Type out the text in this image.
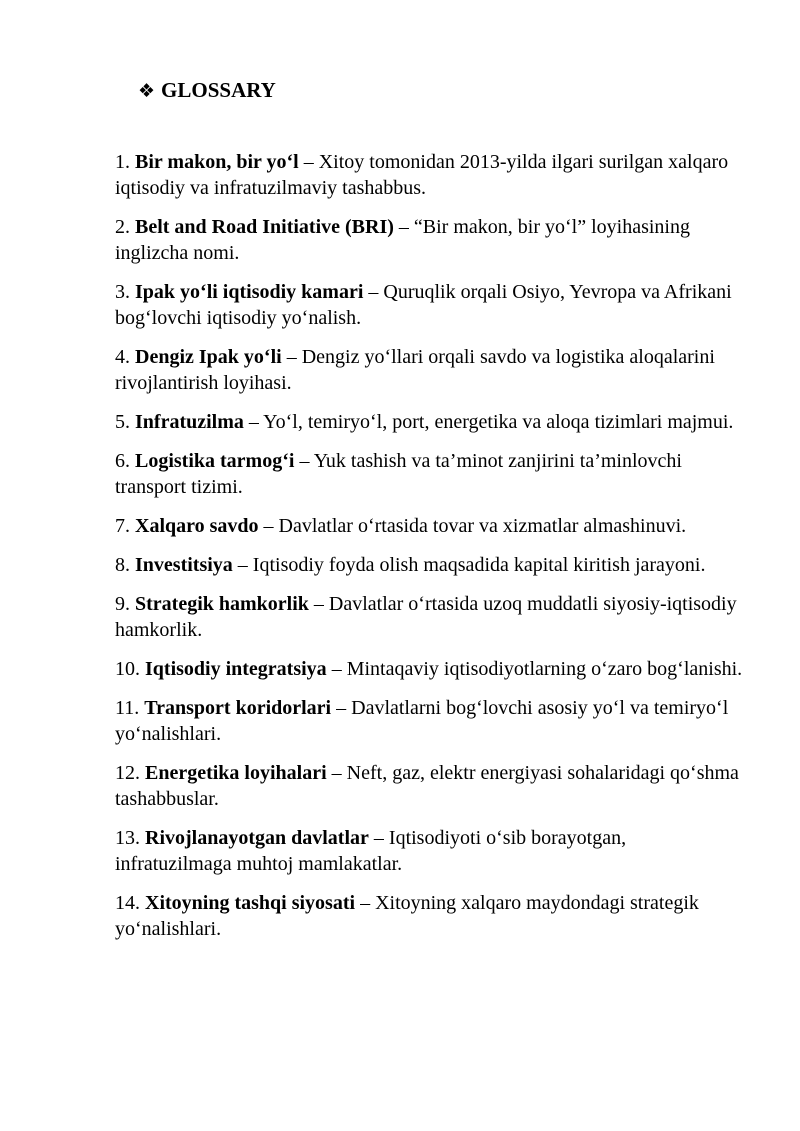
❖ GLOSSARY
1. Bir makon, bir yo‘l – Xitoy tomonidan 2013-yilda ilgari surilgan xalqaro iqtisodiy va infratuzilmaviy tashabbus.
2. Belt and Road Initiative (BRI) – “Bir makon, bir yo‘l” loyihasining inglizcha nomi.
3. Ipak yo‘li iqtisodiy kamari – Quruqlik orqali Osiyo, Yevropa va Afrikani bog‘lovchi iqtisodiy yo‘nalish.
4. Dengiz Ipak yo‘li – Dengiz yo‘llari orqali savdo va logistika aloqalarini rivojlantirish loyihasi.
5. Infratuzilma – Yo‘l, temiryo‘l, port, energetika va aloqa tizimlari majmui.
6. Logistika tarmog‘i – Yuk tashish va ta’minot zanjirini ta’minlovchi transport tizimi.
7. Xalqaro savdo – Davlatlar o‘rtasida tovar va xizmatlar almashinuvi.
8. Investitsiya – Iqtisodiy foyda olish maqsadida kapital kiritish jarayoni.
9. Strategik hamkorlik – Davlatlar o‘rtasida uzoq muddatli siyosiy-iqtisodiy hamkorlik.
10. Iqtisodiy integratsiya – Mintaqaviy iqtisodiyotlarning o‘zaro bog‘lanishi.
11. Transport koridorlari – Davlatlarni bog‘lovchi asosiy yo‘l va temiryo‘l yo‘nalishlari.
12. Energetika loyihalari – Neft, gaz, elektr energiyasi sohalaridagi qo‘shma tashabbuslar.
13. Rivojlanayotgan davlatlar – Iqtisodiyoti o‘sib borayotgan, infratuzilmaga muhtoj mamlakatlar.
14. Xitoyning tashqi siyosati – Xitoyning xalqaro maydondagi strategik yo‘nalishlari.
